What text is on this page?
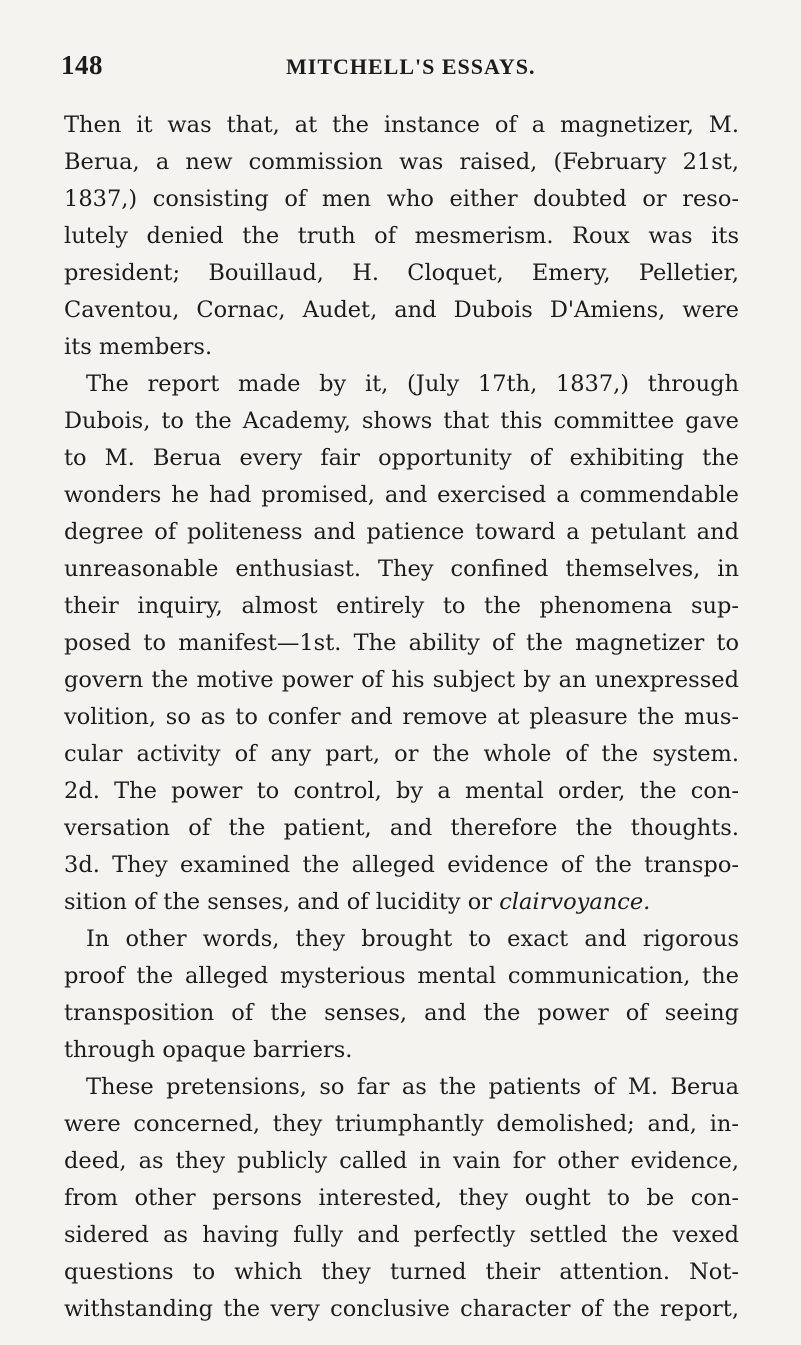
148	MITCHELL'S ESSAYS.
Then it was that, at the instance of a magnetizer, M.
Berua, a new commission was raised, (February 21st,
1837,) consisting of men who either doubted or reso-
lutely denied the truth of mesmerism. Roux was its
president; Bouillaud, H. Cloquet, Emery, Pelletier,
Caventou, Cornac, Audet, and Dubois D'Amiens, were
its members.
The report made by it, (July 17th, 1837,) through
Dubois, to the Academy, shows that this committee gave
to M. Berua every fair opportunity of exhibiting the
wonders he had promised, and exercised a commendable
degree of politeness and patience toward a petulant and
unreasonable enthusiast. They confined themselves, in
their inquiry, almost entirely to the phenomena sup-
posed to manifest—1st. The ability of the magnetizer to
govern the motive power of his subject by an unexpressed
volition, so as to confer and remove at pleasure the mus-
cular activity of any part, or the whole of the system.
2d. The power to control, by a mental order, the con-
versation of the patient, and therefore the thoughts.
3d. They examined the alleged evidence of the transpo-
sition of the senses, and of lucidity or clairvoyance.
In other words, they brought to exact and rigorous
proof the alleged mysterious mental communication, the
transposition of the senses, and the power of seeing
through opaque barriers.
These pretensions, so far as the patients of M. Berua
were concerned, they triumphantly demolished; and, in-
deed, as they publicly called in vain for other evidence,
from other persons interested, they ought to be con-
sidered as having fully and perfectly settled the vexed
questions to which they turned their attention. Not-
withstanding the very conclusive character of the report,
